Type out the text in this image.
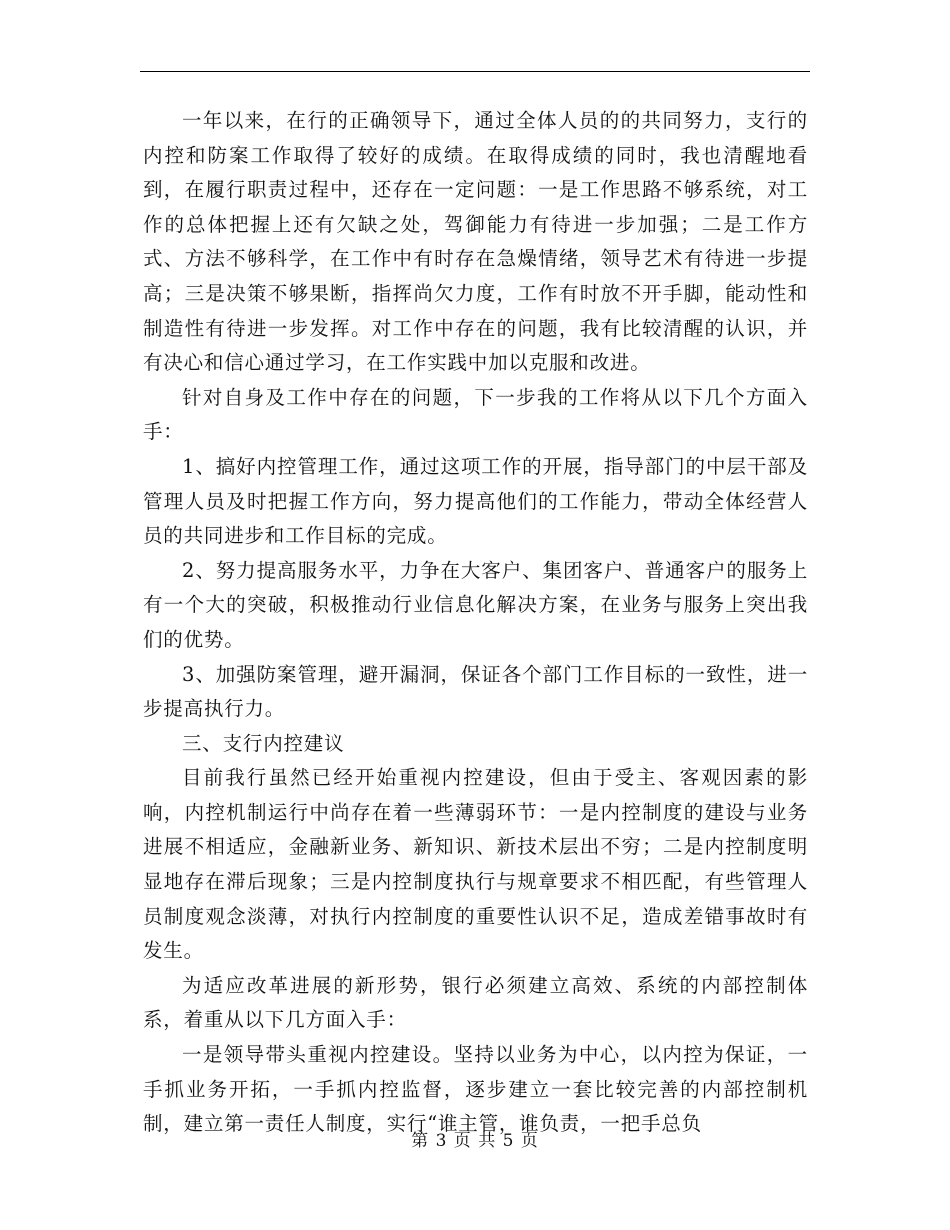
一年以来，在行的正确领导下，通过全体人员的的共同努力，支行的内控和防案工作取得了较好的成绩。在取得成绩的同时，我也清醒地看到，在履行职责过程中，还存在一定问题：一是工作思路不够系统，对工作的总体把握上还有欠缺之处，驾御能力有待进一步加强；二是工作方式、方法不够科学，在工作中有时存在急燥情绪，领导艺术有待进一步提高；三是决策不够果断，指挥尚欠力度，工作有时放不开手脚，能动性和制造性有待进一步发挥。对工作中存在的问题，我有比较清醒的认识，并有决心和信心通过学习，在工作实践中加以克服和改进。

针对自身及工作中存在的问题，下一步我的工作将从以下几个方面入手：

1、搞好内控管理工作，通过这项工作的开展，指导部门的中层干部及管理人员及时把握工作方向，努力提高他们的工作能力，带动全体经营人员的共同进步和工作目标的完成。

2、努力提高服务水平，力争在大客户、集团客户、普通客户的服务上有一个大的突破，积极推动行业信息化解决方案，在业务与服务上突出我们的优势。

3、加强防案管理，避开漏洞，保证各个部门工作目标的一致性，进一步提高执行力。

三、支行内控建议

目前我行虽然已经开始重视内控建设，但由于受主、客观因素的影响，内控机制运行中尚存在着一些薄弱环节：一是内控制度的建设与业务进展不相适应，金融新业务、新知识、新技术层出不穷；二是内控制度明显地存在滞后现象；三是内控制度执行与规章要求不相匹配，有些管理人员制度观念淡薄，对执行内控制度的重要性认识不足，造成差错事故时有发生。

为适应改革进展的新形势，银行必须建立高效、系统的内部控制体系，着重从以下几方面入手：

一是领导带头重视内控建设。坚持以业务为中心，以内控为保证，一手抓业务开拓，一手抓内控监督，逐步建立一套比较完善的内部控制机制，建立第一责任人制度，实行“谁主管，谁负责，一把手总负

第 3 页 共 5 页
